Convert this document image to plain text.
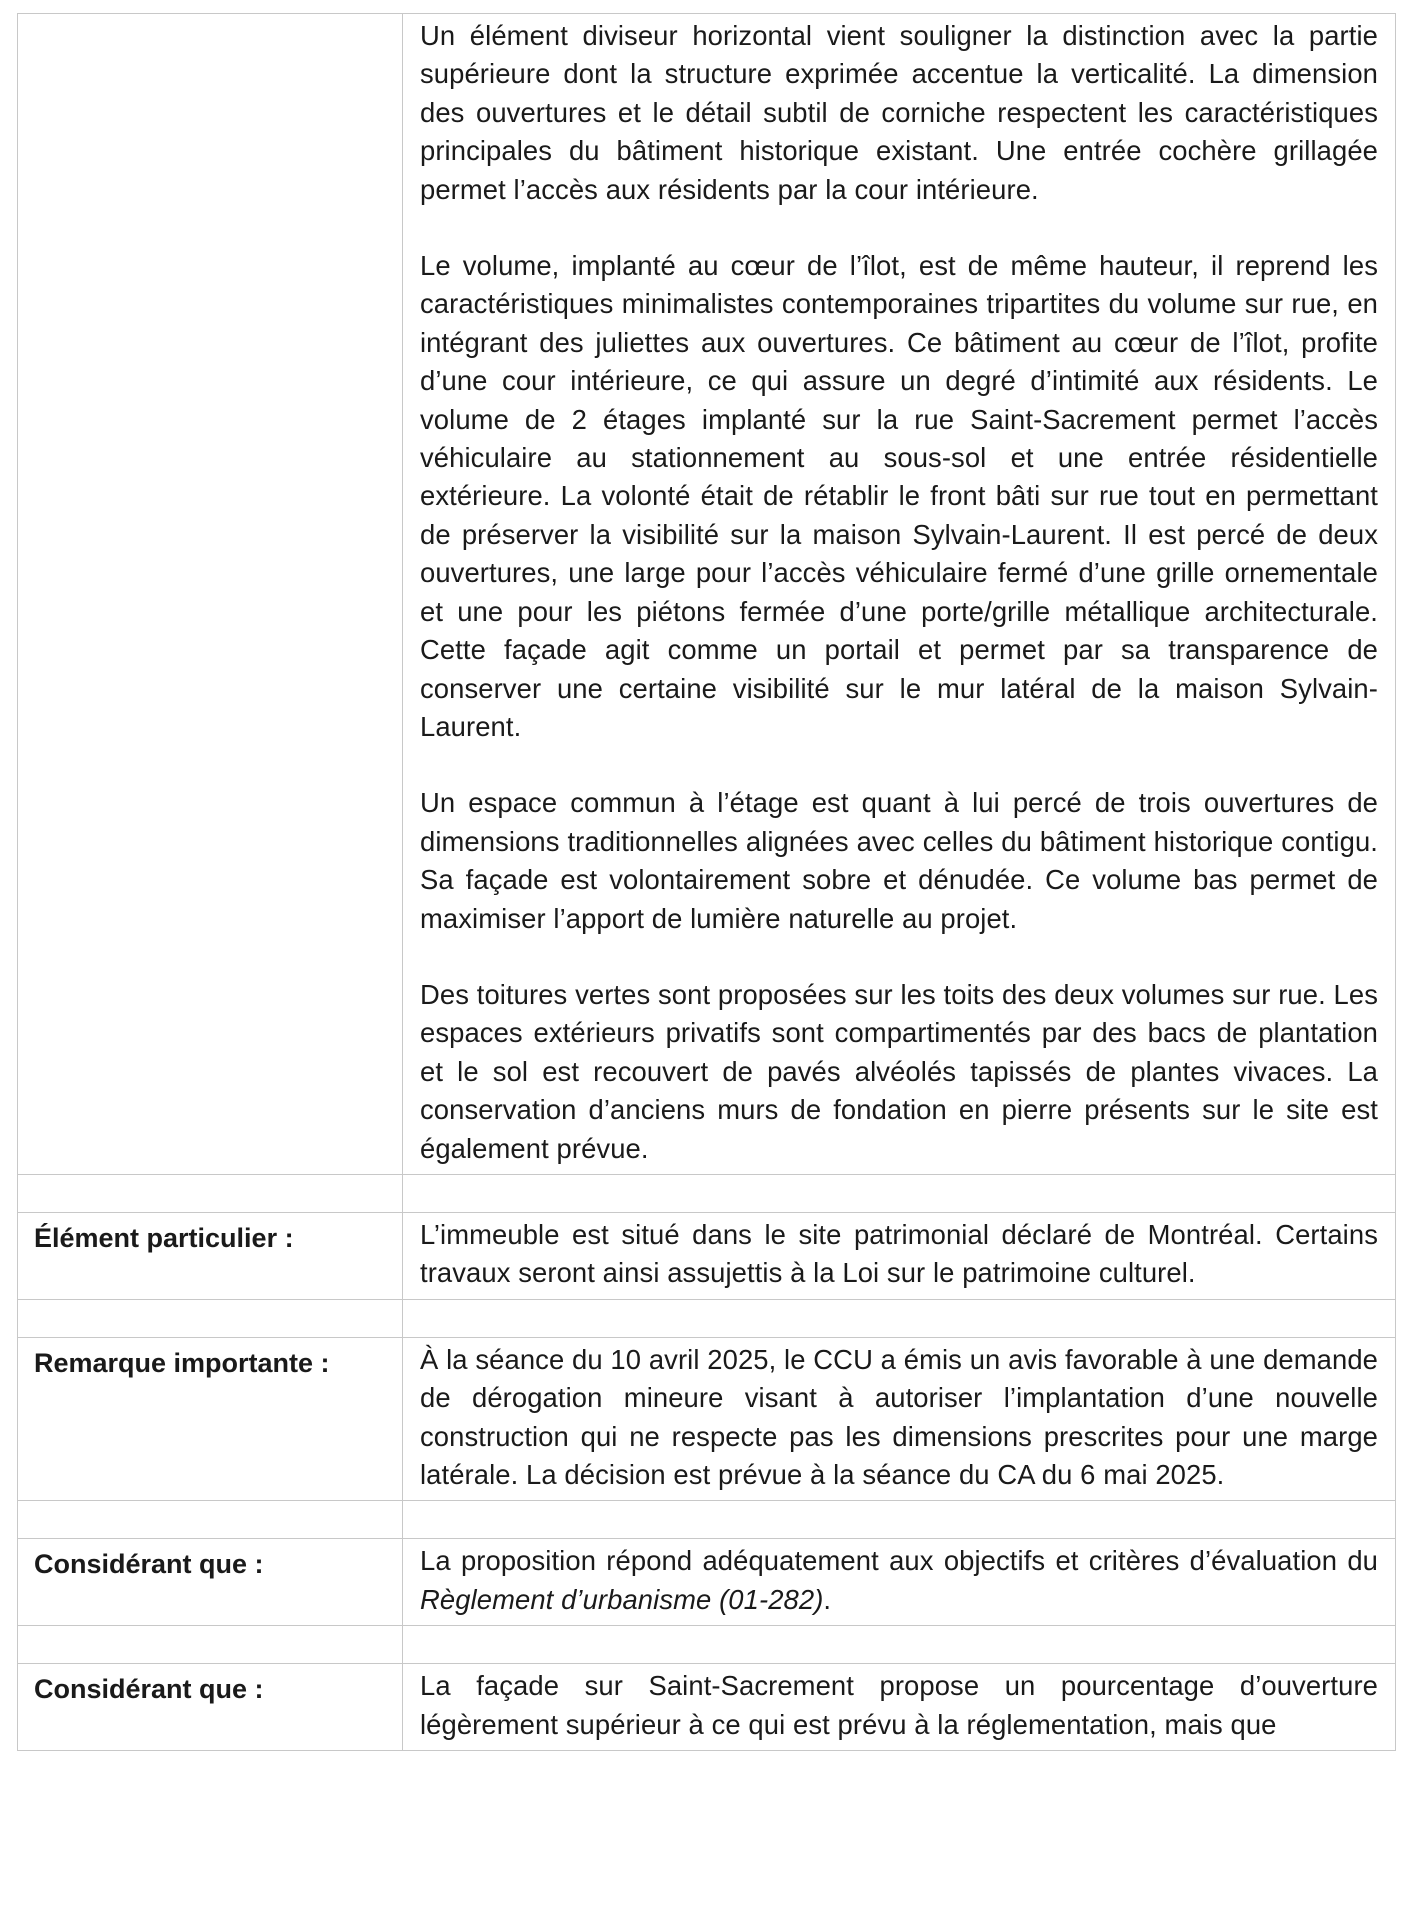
	Un élément diviseur horizontal vient souligner la distinction avec la partie supérieure dont la structure exprimée accentue la verticalité. La dimension des ouvertures et le détail subtil de corniche respectent les caractéristiques principales du bâtiment historique existant. Une entrée cochère grillagée permet l’accès aux résidents par la cour intérieure.

Le volume, implanté au cœur de l’îlot, est de même hauteur, il reprend les caractéristiques minimalistes contemporaines tripartites du volume sur rue, en intégrant des juliettes aux ouvertures. Ce bâtiment au cœur de l’îlot, profite d’une cour intérieure, ce qui assure un degré d’intimité aux résidents. Le volume de 2 étages implanté sur la rue Saint-Sacrement permet l’accès véhiculaire au stationnement au sous-sol et une entrée résidentielle extérieure. La volonté était de rétablir le front bâti sur rue tout en permettant de préserver la visibilité sur la maison Sylvain-Laurent. Il est percé de deux ouvertures, une large pour l’accès véhiculaire fermé d’une grille ornementale et une pour les piétons fermée d’une porte/grille métallique architecturale. Cette façade agit comme un portail et permet par sa transparence de conserver une certaine visibilité sur le mur latéral de la maison Sylvain-Laurent.

Un espace commun à l’étage est quant à lui percé de trois ouvertures de dimensions traditionnelles alignées avec celles du bâtiment historique contigu. Sa façade est volontairement sobre et dénudée. Ce volume bas permet de maximiser l’apport de lumière naturelle au projet.

Des toitures vertes sont proposées sur les toits des deux volumes sur rue. Les espaces extérieurs privatifs sont compartimentés par des bacs de plantation et le sol est recouvert de pavés alvéolés tapissés de plantes vivaces. La conservation d’anciens murs de fondation en pierre présents sur le site est également prévue.

Élément particulier :	L’immeuble est situé dans le site patrimonial déclaré de Montréal. Certains travaux seront ainsi assujettis à la Loi sur le patrimoine culturel.

Remarque importante :	À la séance du 10 avril 2025, le CCU a émis un avis favorable à une demande de dérogation mineure visant à autoriser l’implantation d’une nouvelle construction qui ne respecte pas les dimensions prescrites pour une marge latérale. La décision est prévue à la séance du CA du 6 mai 2025.

Considérant que :	La proposition répond adéquatement aux objectifs et critères d’évaluation du Règlement d’urbanisme (01-282).

Considérant que :	La façade sur Saint-Sacrement propose un pourcentage d’ouverture légèrement supérieur à ce qui est prévu à la réglementation, mais que
